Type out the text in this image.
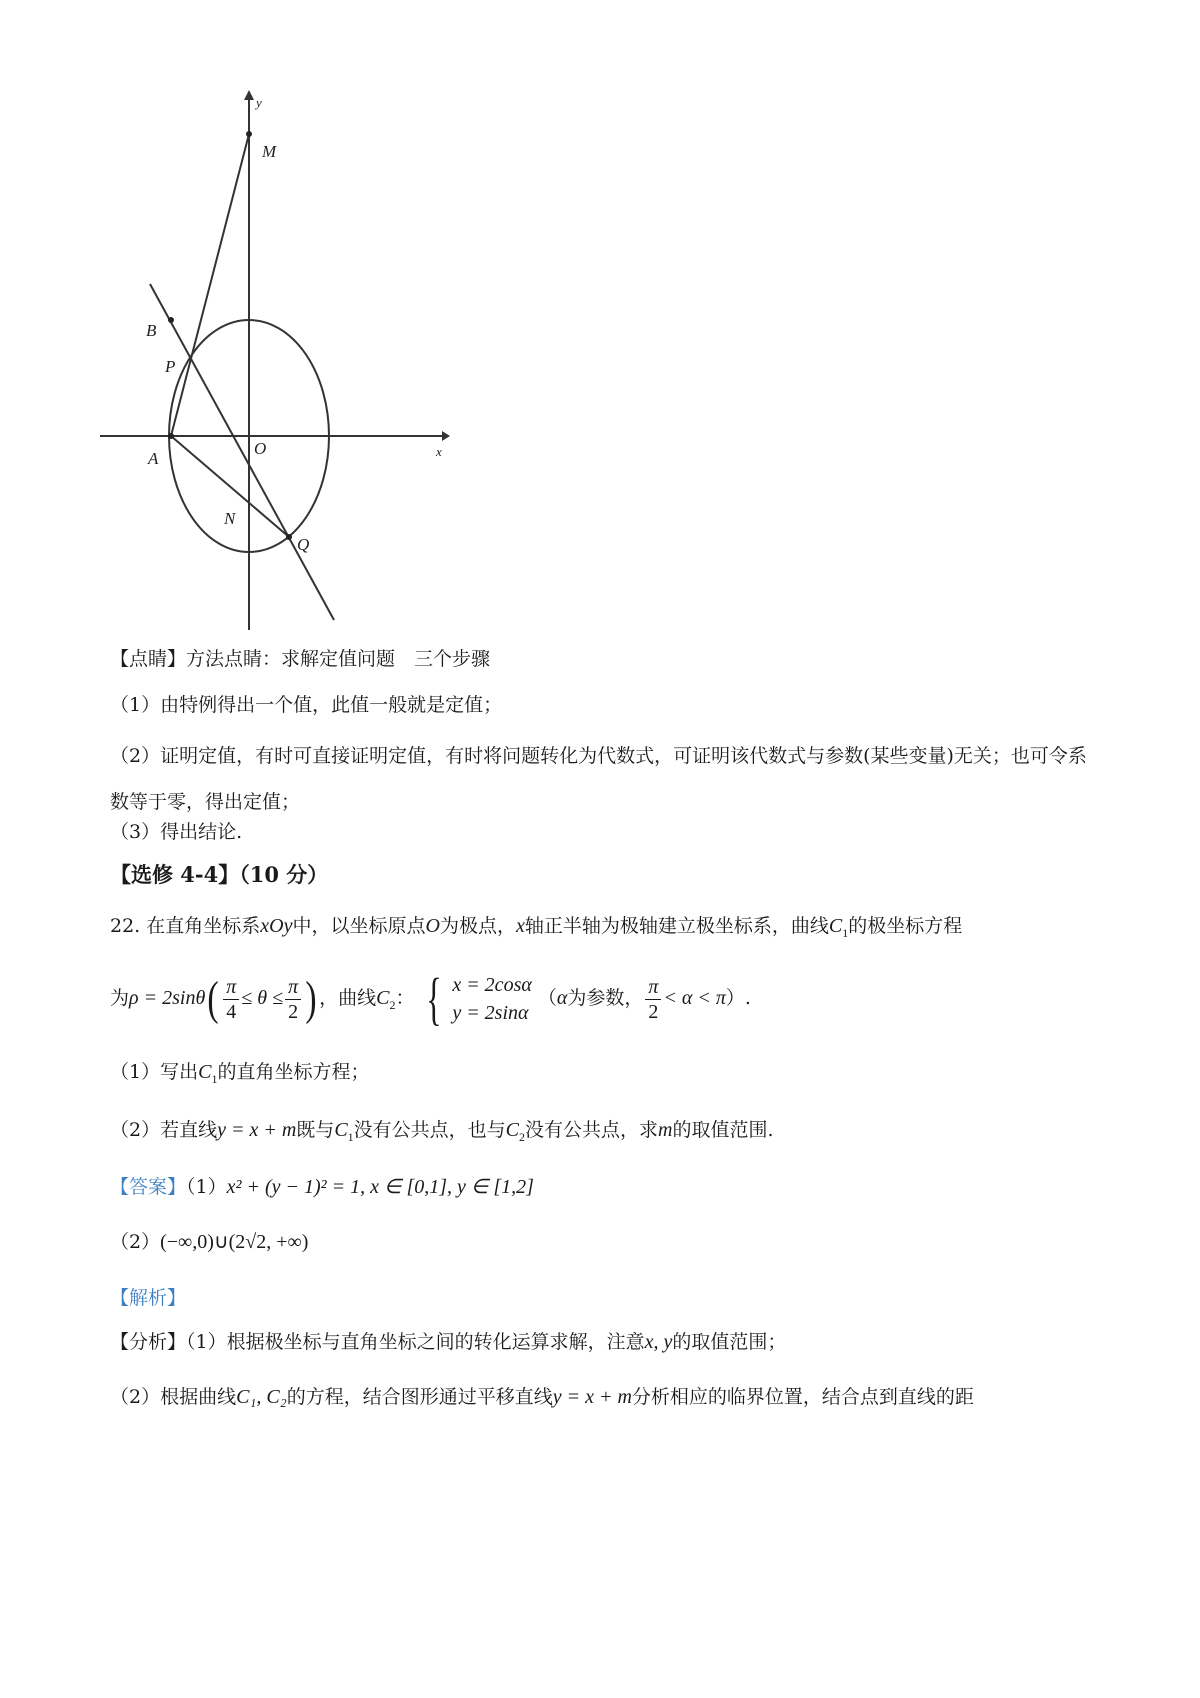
M
B
P
A
O
N
Q
y
x
【点睛】方法点睛：求解定值问题　三个步骤
（1）由特例得出一个值，此值一般就是定值；
（2）证明定值，有时可直接证明定值，有时将问题转化为代数式，可证明该代数式与参数(某些变量)无关；也可令系数等于零，得出定值；
（3）得出结论.
【选修 4-4】（10 分）
22. 在直角坐标系xOy中，以坐标原点O为极点，x轴正半轴为极轴建立极坐标系，曲线$C_1$的极坐标方程
为$\rho = 2\sin\theta( \frac{\pi}{4} \le \theta \le \frac{\pi}{2}$ ) ，曲线$C_2$： { x = 2cosα
y = 2sinα
（α为参数， $\frac{\pi}{2} < \alpha < \pi$）.
（1）写出$C_1$的直角坐标方程；
（2）若直线y = x + m既与$C_1$没有公共点，也与$C_2$没有公共点，求m的取值范围.
【答案】（1）x² + (y − 1)² = 1, x ∈ [0,1], y ∈ [1,2]
（2）(−∞,0)∪(2√2, +∞)
【解析】
【分析】（1）根据极坐标与直角坐标之间的转化运算求解，注意x, y的取值范围；
（2）根据曲线C₁, C₂的方程，结合图形通过平移直线y = x + m分析相应的临界位置，结合点到直线的距
